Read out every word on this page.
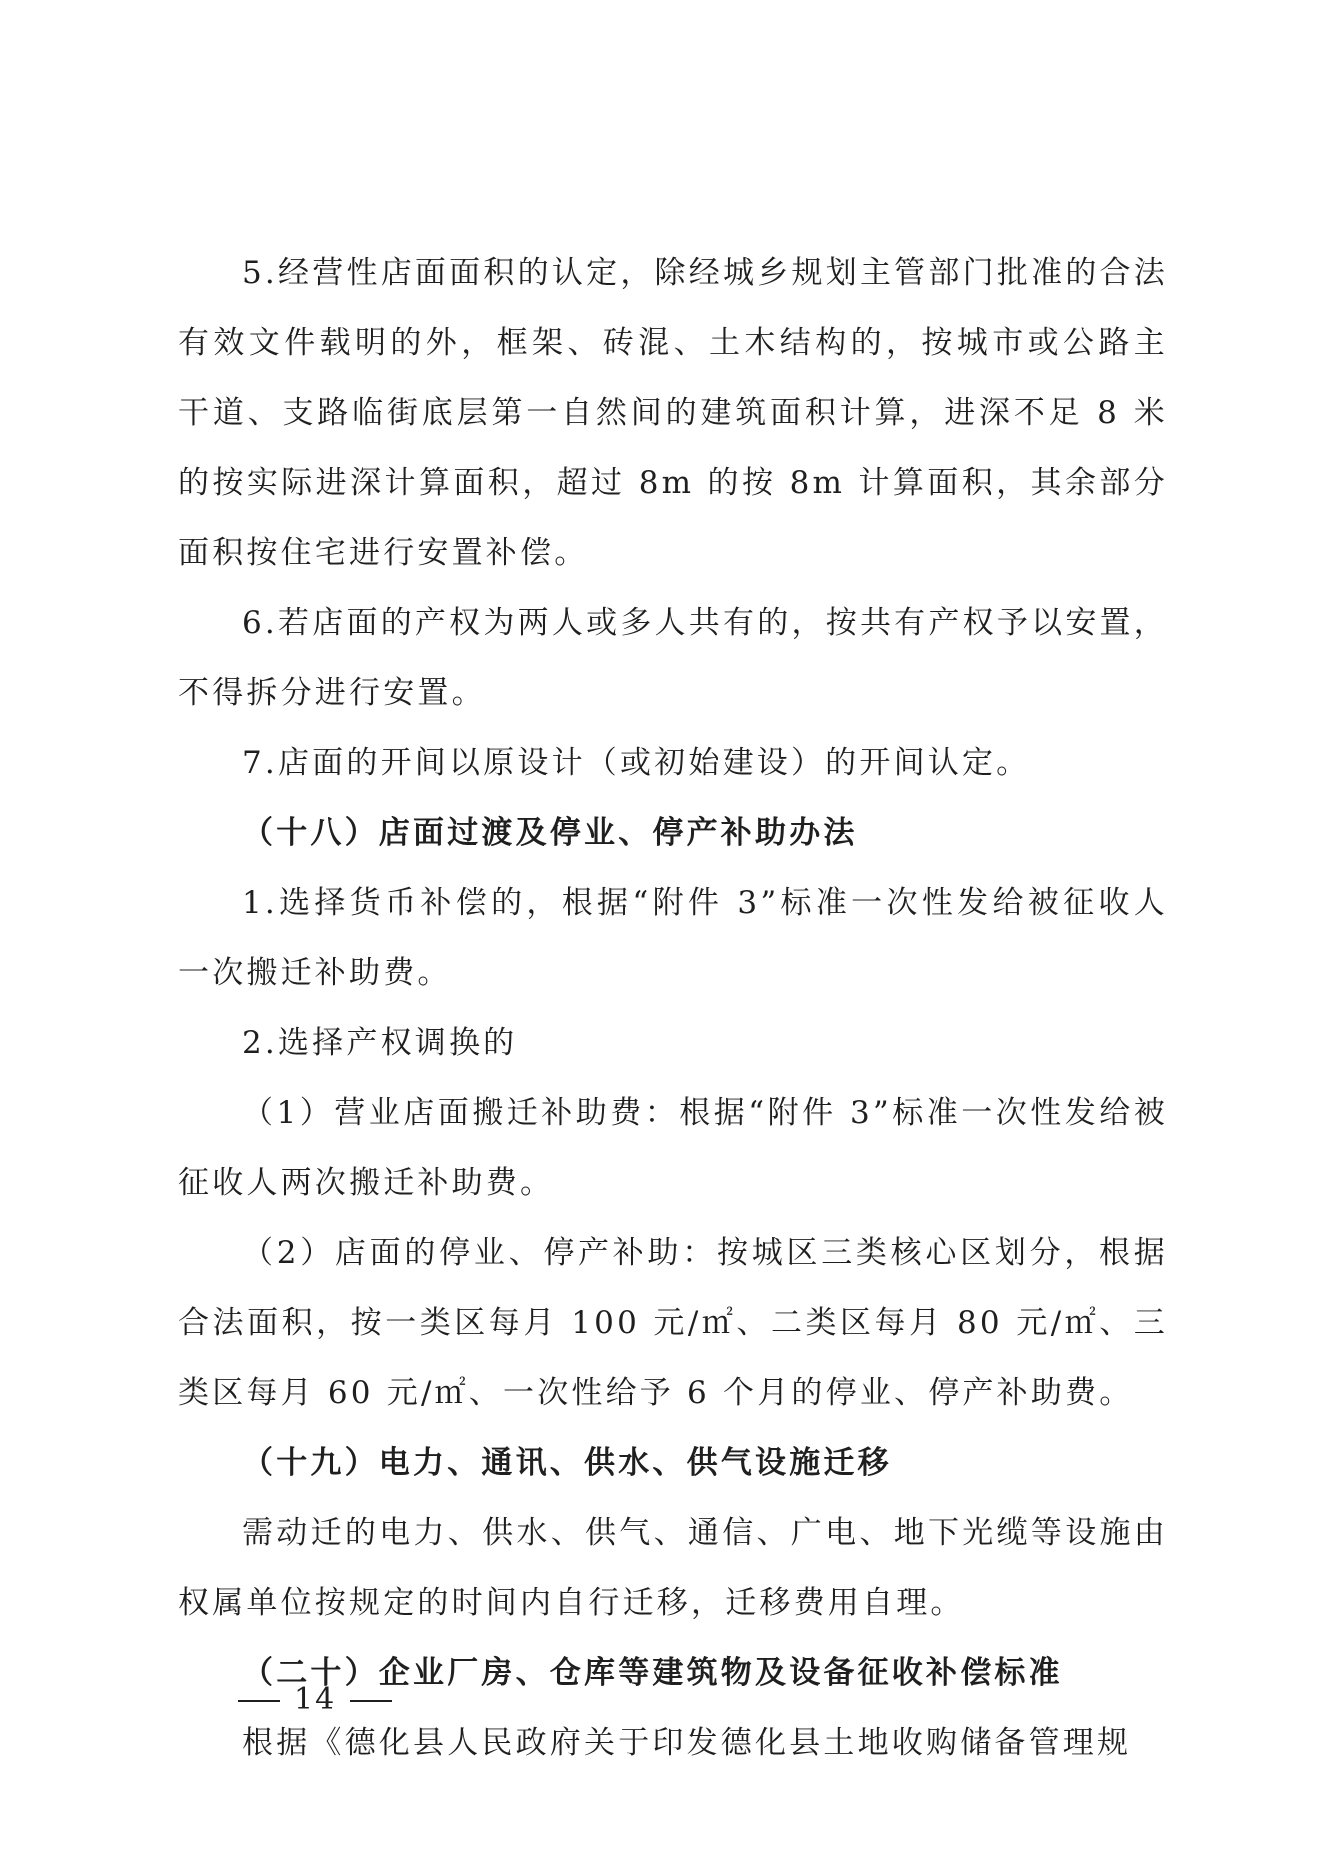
5.经营性店面面积的认定，除经城乡规划主管部门批准的合法有效文件载明的外，框架、砖混、土木结构的，按城市或公路主干道、支路临街底层第一自然间的建筑面积计算，进深不足 8 米的按实际进深计算面积，超过 8m 的按 8m 计算面积，其余部分面积按住宅进行安置补偿。

6.若店面的产权为两人或多人共有的，按共有产权予以安置，不得拆分进行安置。

7.店面的开间以原设计（或初始建设）的开间认定。

（十八）店面过渡及停业、停产补助办法

1.选择货币补偿的，根据“附件 3”标准一次性发给被征收人一次搬迁补助费。

2.选择产权调换的

（1）营业店面搬迁补助费：根据“附件 3”标准一次性发给被征收人两次搬迁补助费。

（2）店面的停业、停产补助：按城区三类核心区划分，根据合法面积，按一类区每月 100 元/㎡、二类区每月 80 元/㎡、三类区每月 60 元/㎡、一次性给予 6 个月的停业、停产补助费。

（十九）电力、通讯、供水、供气设施迁移

需动迁的电力、供水、供气、通信、广电、地下光缆等设施由权属单位按规定的时间内自行迁移，迁移费用自理。

（二十）企业厂房、仓库等建筑物及设备征收补偿标准

根据《德化县人民政府关于印发德化县土地收购储备管理规

14
